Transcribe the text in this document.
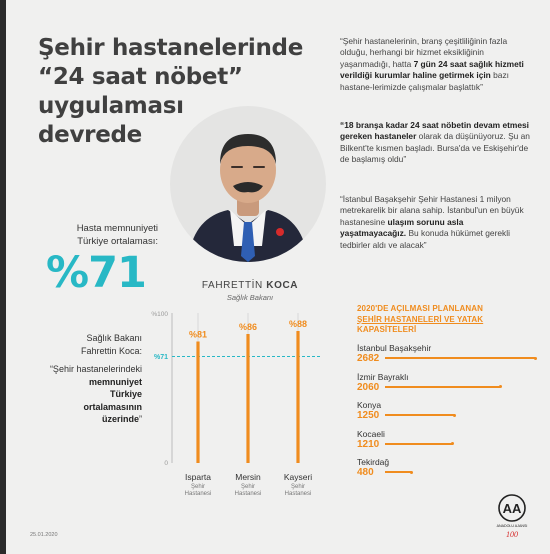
Şehir hastanelerinde
“24 saat nöbet”
uygulaması
devrede
“Şehir hastanelerinin, branş çeşitliliğinin fazla olduğu, herhangi bir hizmet eksikliğinin yaşanmadığı, hatta 7 gün 24 saat sağlık hizmeti verildiği kurumlar haline getirmek için bazı hastane-lerimizde çalışmalar başlattık”
“18 branşa kadar 24 saat nöbetin devam etmesi gereken hastaneler olarak da düşünüyoruz. Şu an Bilkent'te kısmen başladı. Bursa'da ve Eskişehir'de de başlamış oldu”
“İstanbul Başakşehir Şehir Hastanesi 1 milyon metrekarelik bir alana sahip. İstanbul'un en büyük hastanesine ulaşım sorunu asla yaşatmayacağız. Bu konuda hükümet gerekli tedbirler aldı ve alacak”
FAHRETTİN KOCA
Sağlık Bakanı
Hasta memnuniyeti
Türkiye ortalaması:
%71
Sağlık Bakanı
Fahrettin Koca:
“Şehir hastanelerindeki
memnuniyet
Türkiye
ortalamasının
üzerinde”
%100
0
%71
%81
Isparta
Şehir
Hastanesi
%86
Mersin
Şehir
Hastanesi
%88
Kayseri
Şehir
Hastanesi
2020'DE AÇILMASI PLANLANAN
ŞEHİR HASTANELERİ VE YATAK
KAPASİTELERİ
İstanbul Başakşehir
2682
İzmir Bayraklı
2060
Konya
1250
Kocaeli
1210
Tekirdağ
480
25.01.2020
AA
ANADOLU AJANSI
100
